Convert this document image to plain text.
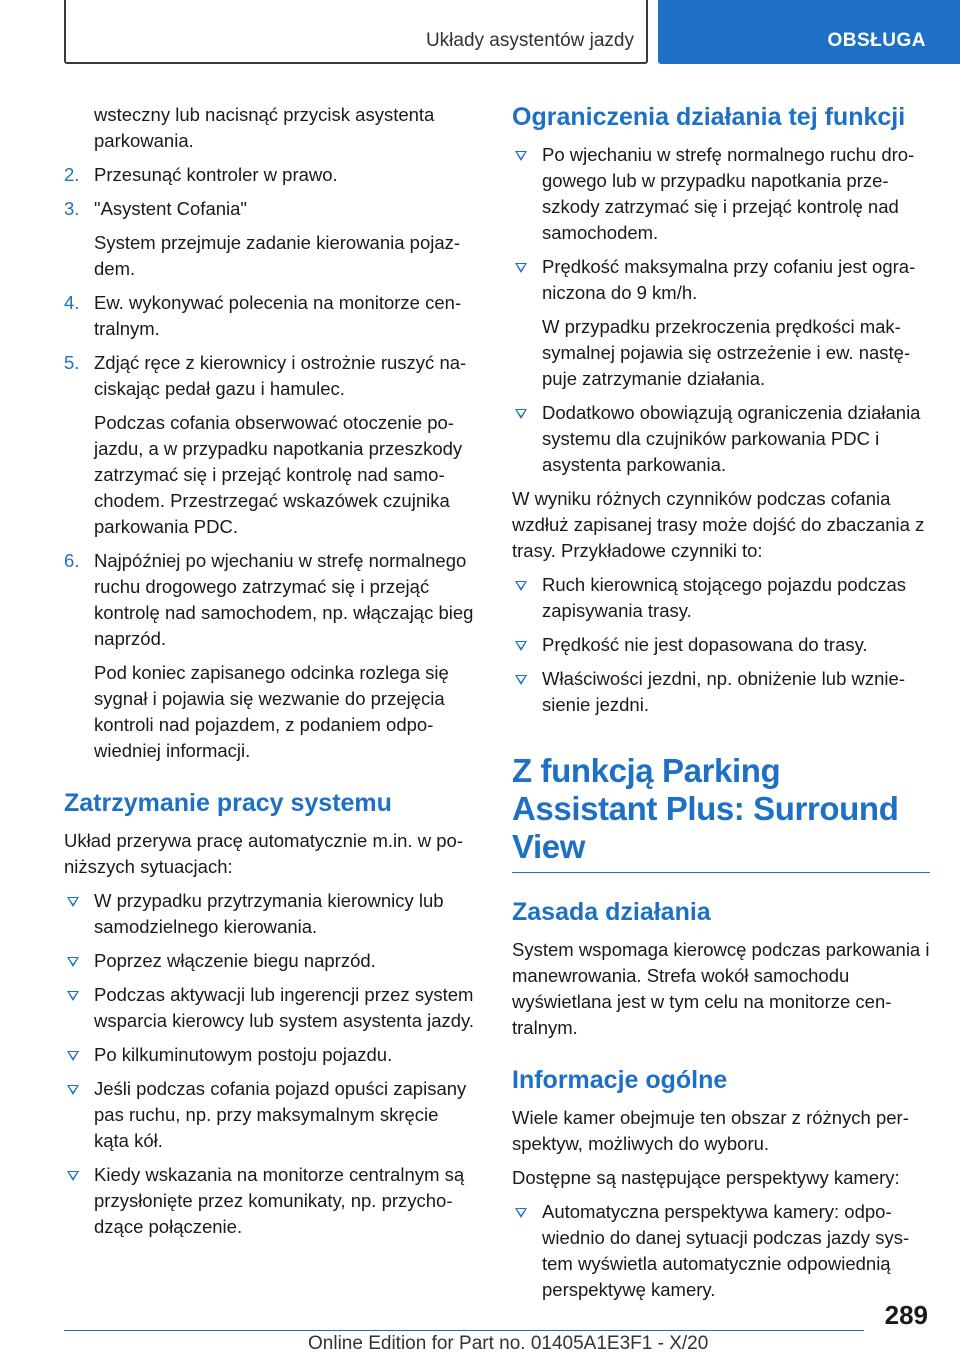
Układy asystentów jazdy	OBSŁUGA

wsteczny lub nacisnąć przycisk asystenta parkowania.

2. Przesunąć kontroler w prawo.
3. "Asystent Cofania"

System przejmuje zadanie kierowania pojazdem.

4. Ew. wykonywać polecenia na monitorze centralnym.
5. Zdjąć ręce z kierownicy i ostrożnie ruszyć naciskając pedał gazu i hamulec.

Podczas cofania obserwować otoczenie pojazdu, a w przypadku napotkania przeszkody zatrzymać się i przejąć kontrolę nad samochodem. Przestrzegać wskazówek czujnika parkowania PDC.

6. Najpóźniej po wjechaniu w strefę normalnego ruchu drogowego zatrzymać się i przejąć kontrolę nad samochodem, np. włączając bieg naprzód.

Pod koniec zapisanego odcinka rozlega się sygnał i pojawia się wezwanie do przejęcia kontroli nad pojazdem, z podaniem odpowiedniej informacji.

Zatrzymanie pracy systemu

Układ przerywa pracę automatycznie m.in. w poniższych sytuacjach:

W przypadku przytrzymania kierownicy lub samodzielnego kierowania.
Poprzez włączenie biegu naprzód.
Podczas aktywacji lub ingerencji przez system wsparcia kierowcy lub system asystenta jazdy.
Po kilkuminutowym postoju pojazdu.
Jeśli podczas cofania pojazd opuści zapisany pas ruchu, np. przy maksymalnym skręcie kąta kół.
Kiedy wskazania na monitorze centralnym są przysłonięte przez komunikaty, np. przychodzące połączenie.
Ograniczenia działania tej funkcji
Po wjechaniu w strefę normalnego ruchu drogowego lub w przypadku napotkania przeszkody zatrzymać się i przejąć kontrolę nad samochodem.
Prędkość maksymalna przy cofaniu jest ograniczona do 9 km/h.

W przypadku przekroczenia prędkości maksymalnej pojawia się ostrzeżenie i ew. następuje zatrzymanie działania.

Dodatkowo obowiązują ograniczenia działania systemu dla czujników parkowania PDC i asystenta parkowania.

W wyniku różnych czynników podczas cofania wzdłuż zapisanej trasy może dojść do zbaczania z trasy. Przykładowe czynniki to:

Ruch kierownicą stojącego pojazdu podczas zapisywania trasy.
Prędkość nie jest dopasowana do trasy.
Właściwości jezdni, np. obniżenie lub wzniesienie jezdni.
Z funkcją Parking Assistant Plus: Surround View
Zasada działania

System wspomaga kierowcę podczas parkowania i manewrowania. Strefa wokół samochodu wyświetlana jest w tym celu na monitorze centralnym.

Informacje ogólne

Wiele kamer obejmuje ten obszar z różnych perspektyw, możliwych do wyboru.

Dostępne są następujące perspektywy kamery:

Automatyczna perspektywa kamery: odpowiednio do danej sytuacji podczas jazdy system wyświetla automatycznie odpowiednią perspektywę kamery.
289
Online Edition for Part no. 01405A1E3F1 - X/20
